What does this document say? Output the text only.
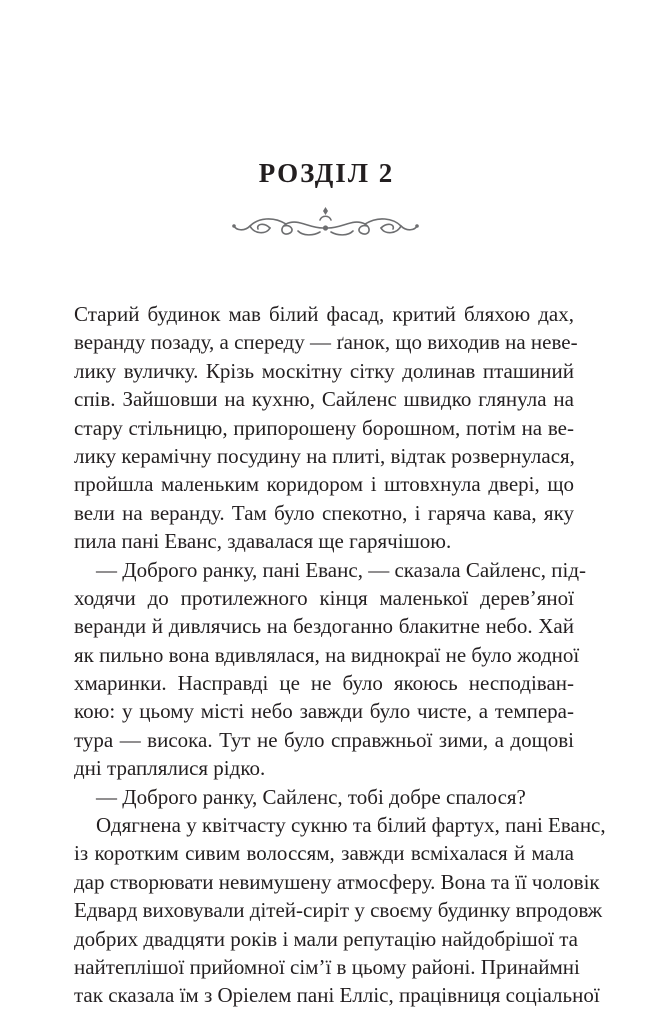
РОЗДІЛ 2
Старий будинок мав білий фасад, критий бляхою дах,
веранду позаду, а спереду — ґанок, що виходив на неве-
лику вуличку. Крізь москітну сітку долинав пташиний
спів. Зайшовши на кухню, Сайленс швидко глянула на
стару стільницю, припорошену борошном, потім на ве-
лику керамічну посудину на плиті, відтак розвернулася,
пройшла маленьким коридором і штовхнула двері, що
вели на веранду. Там було спекотно, і гаряча кава, яку
пила пані Еванс, здавалася ще гарячішою.
— Доброго ранку, пані Еванс, — сказала Сайленс, під-
ходячи до протилежного кінця маленької дерев’яної
веранди й дивлячись на бездоганно блакитне небо. Хай
як пильно вона вдивлялася, на виднокраї не було жодної
хмаринки. Насправді це не було якоюсь несподіван-
кою: у цьому місті небо завжди було чисте, а темпера-
тура — висока. Тут не було справжньої зими, а дощові
дні траплялися рідко.
— Доброго ранку, Сайленс, тобі добре спалося?
Одягнена у квітчасту сукню та білий фартух, пані Еванс,
із коротким сивим волоссям, завжди всміхалася й мала
дар створювати невимушену атмосферу. Вона та її чоловік
Едвард виховували дітей-сиріт у своєму будинку впродовж
добрих двадцяти років і мали репутацію найдобрішої та
найтеплішої прийомної сім’ї в цьому районі. Принаймні
так сказала їм з Оріелем пані Елліс, працівниця соціальної
